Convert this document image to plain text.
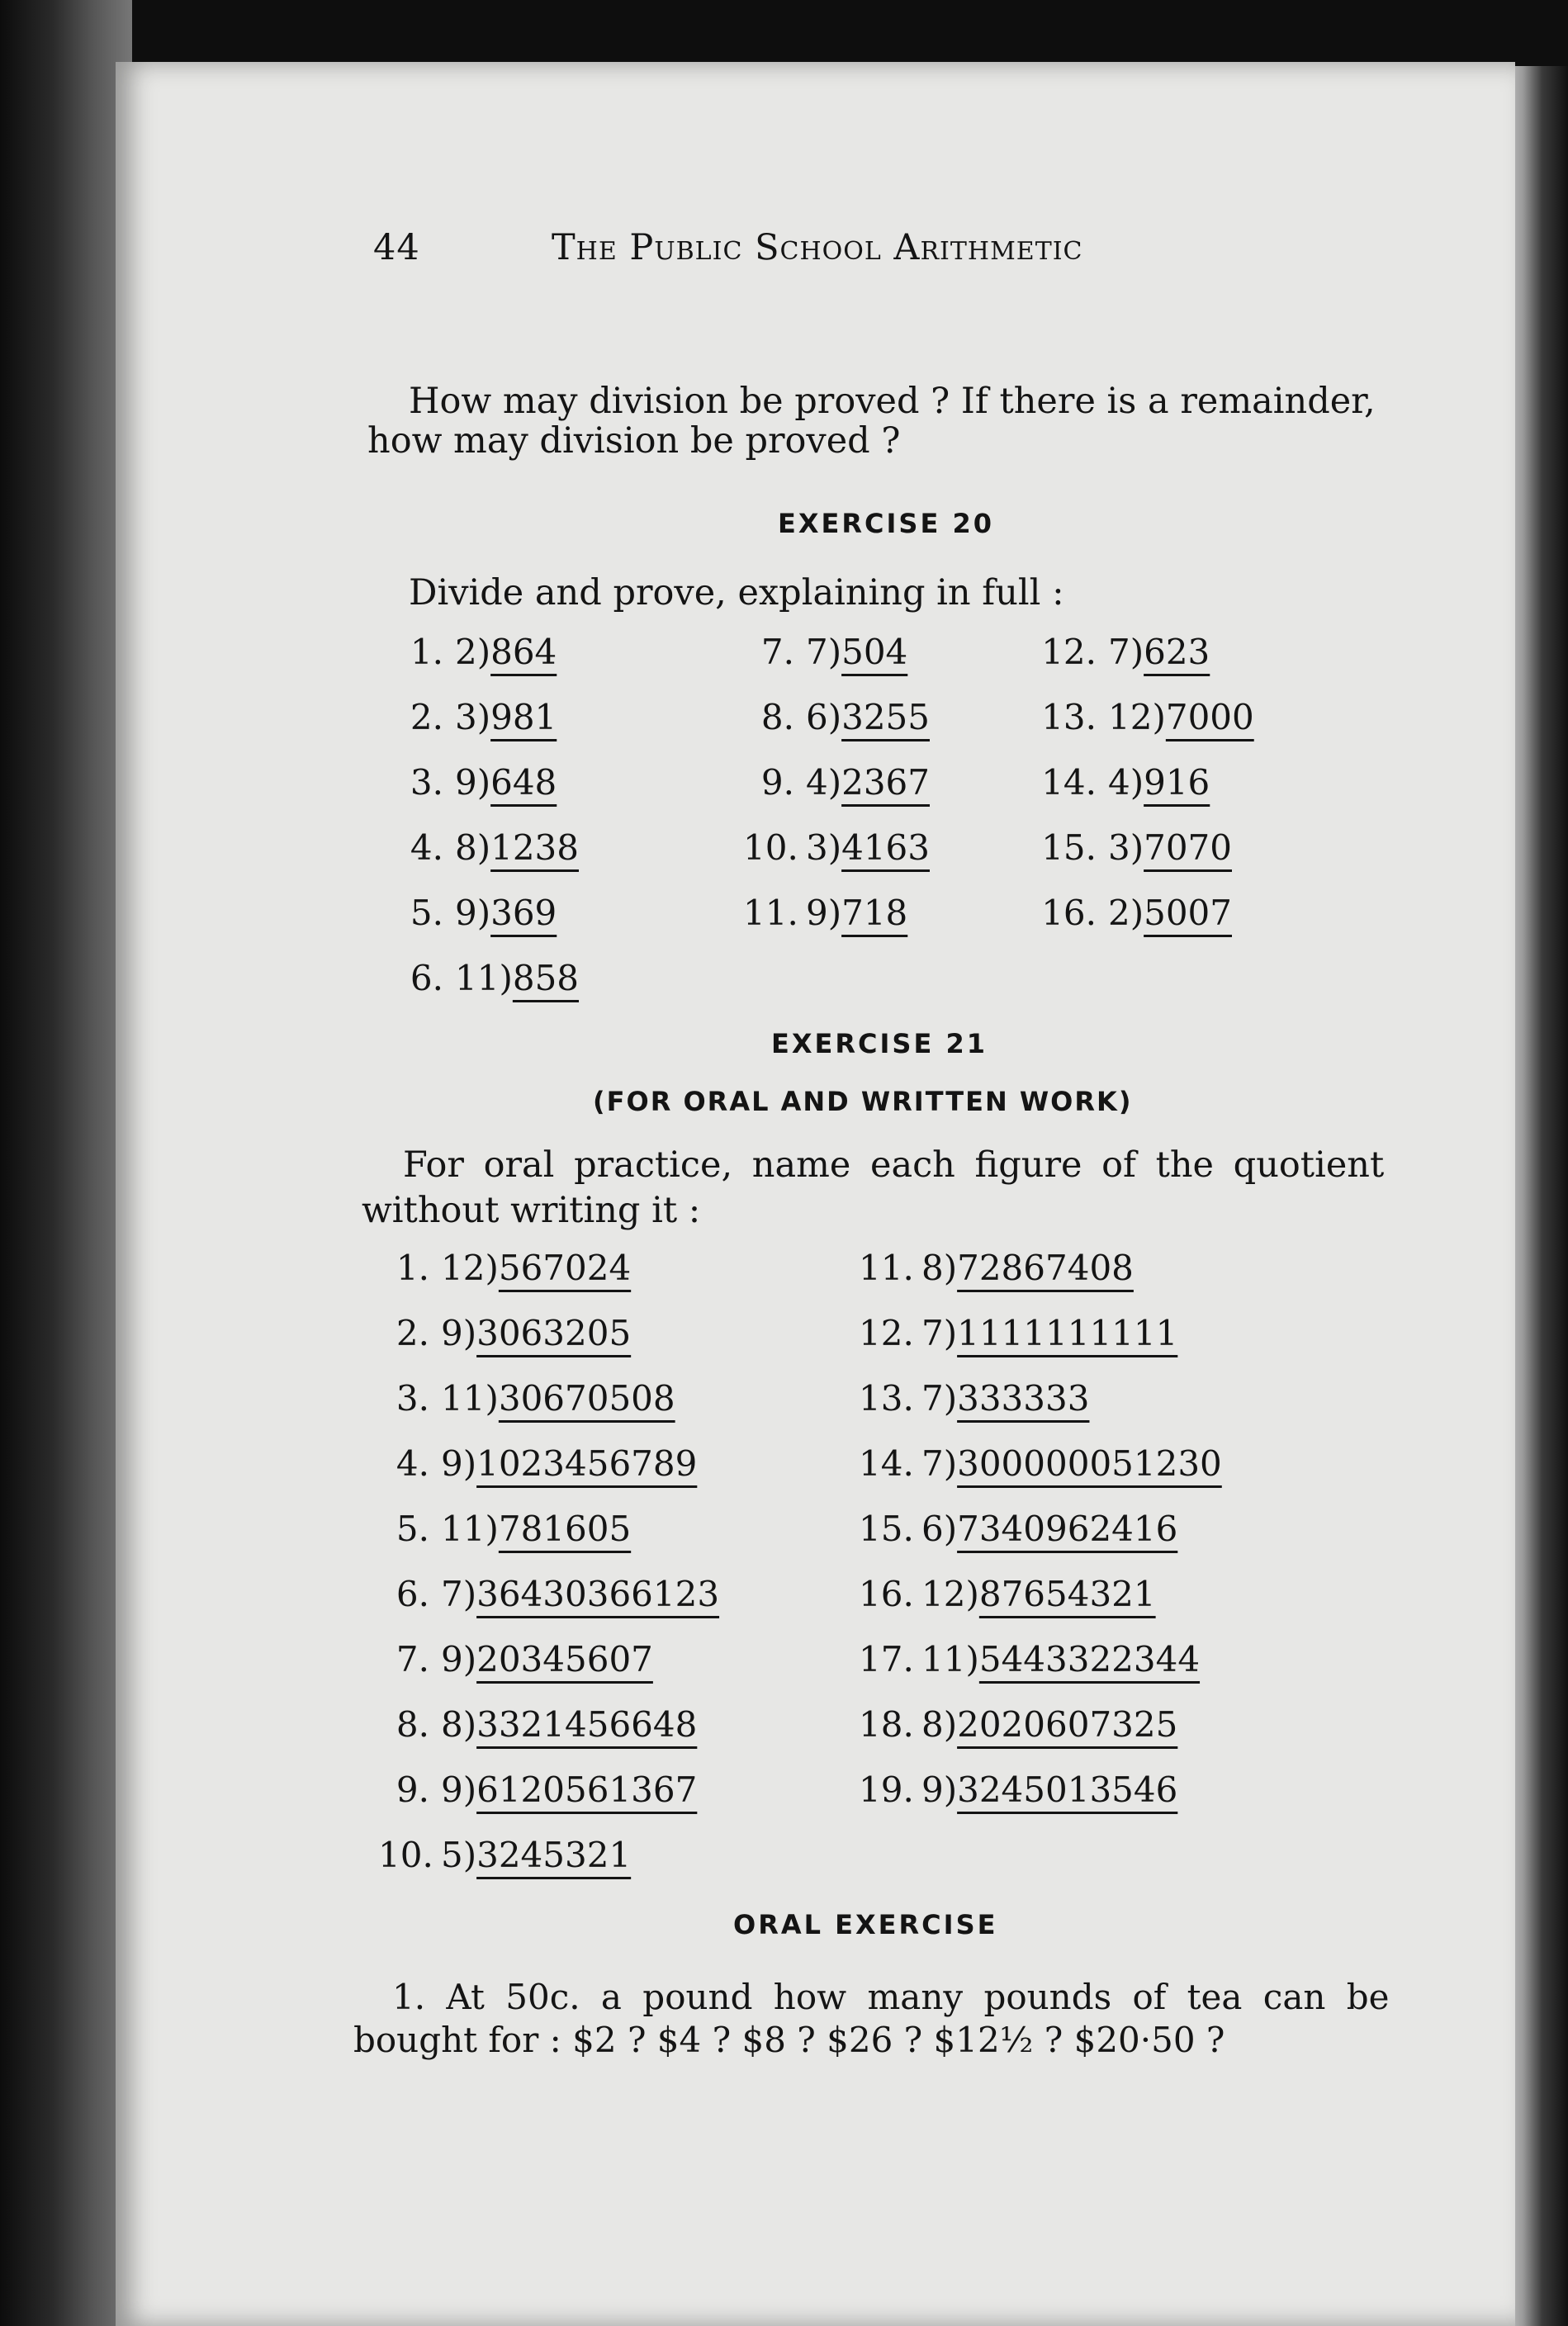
44	The Public School Arithmetic
How may division be proved ? If there is a remainder,
how may division be proved ?
EXERCISE 20
Divide and prove, explaining in full :
1. 2)864
2. 3)981
3. 9)648
4. 8)1238
5. 9)369
6. 11)858
7. 7)504
8. 6)3255
9. 4)2367
10. 3)4163
11. 9)718
12. 7)623
13. 12)7000
14. 4)916
15. 3)7070
16. 2)5007
EXERCISE 21
(FOR ORAL AND WRITTEN WORK)
For oral practice, name each figure of the quotient
without writing it :
1. 12)567024
2. 9)3063205
3. 11)30670508
4. 9)1023456789
5. 11)781605
6. 7)36430366123
7. 9)20345607
8. 8)3321456648
9. 9)6120561367
10. 5)3245321
11. 8)72867408
12. 7)1111111111
13. 7)333333
14. 7)300000051230
15. 6)7340962416
16. 12)87654321
17. 11)5443322344
18. 8)2020607325
19. 9)3245013546
ORAL EXERCISE
1. At 50c. a pound how many pounds of tea can be
bought for : $2 ? $4 ? $8 ? $26 ? $12½ ? $20·50 ?
